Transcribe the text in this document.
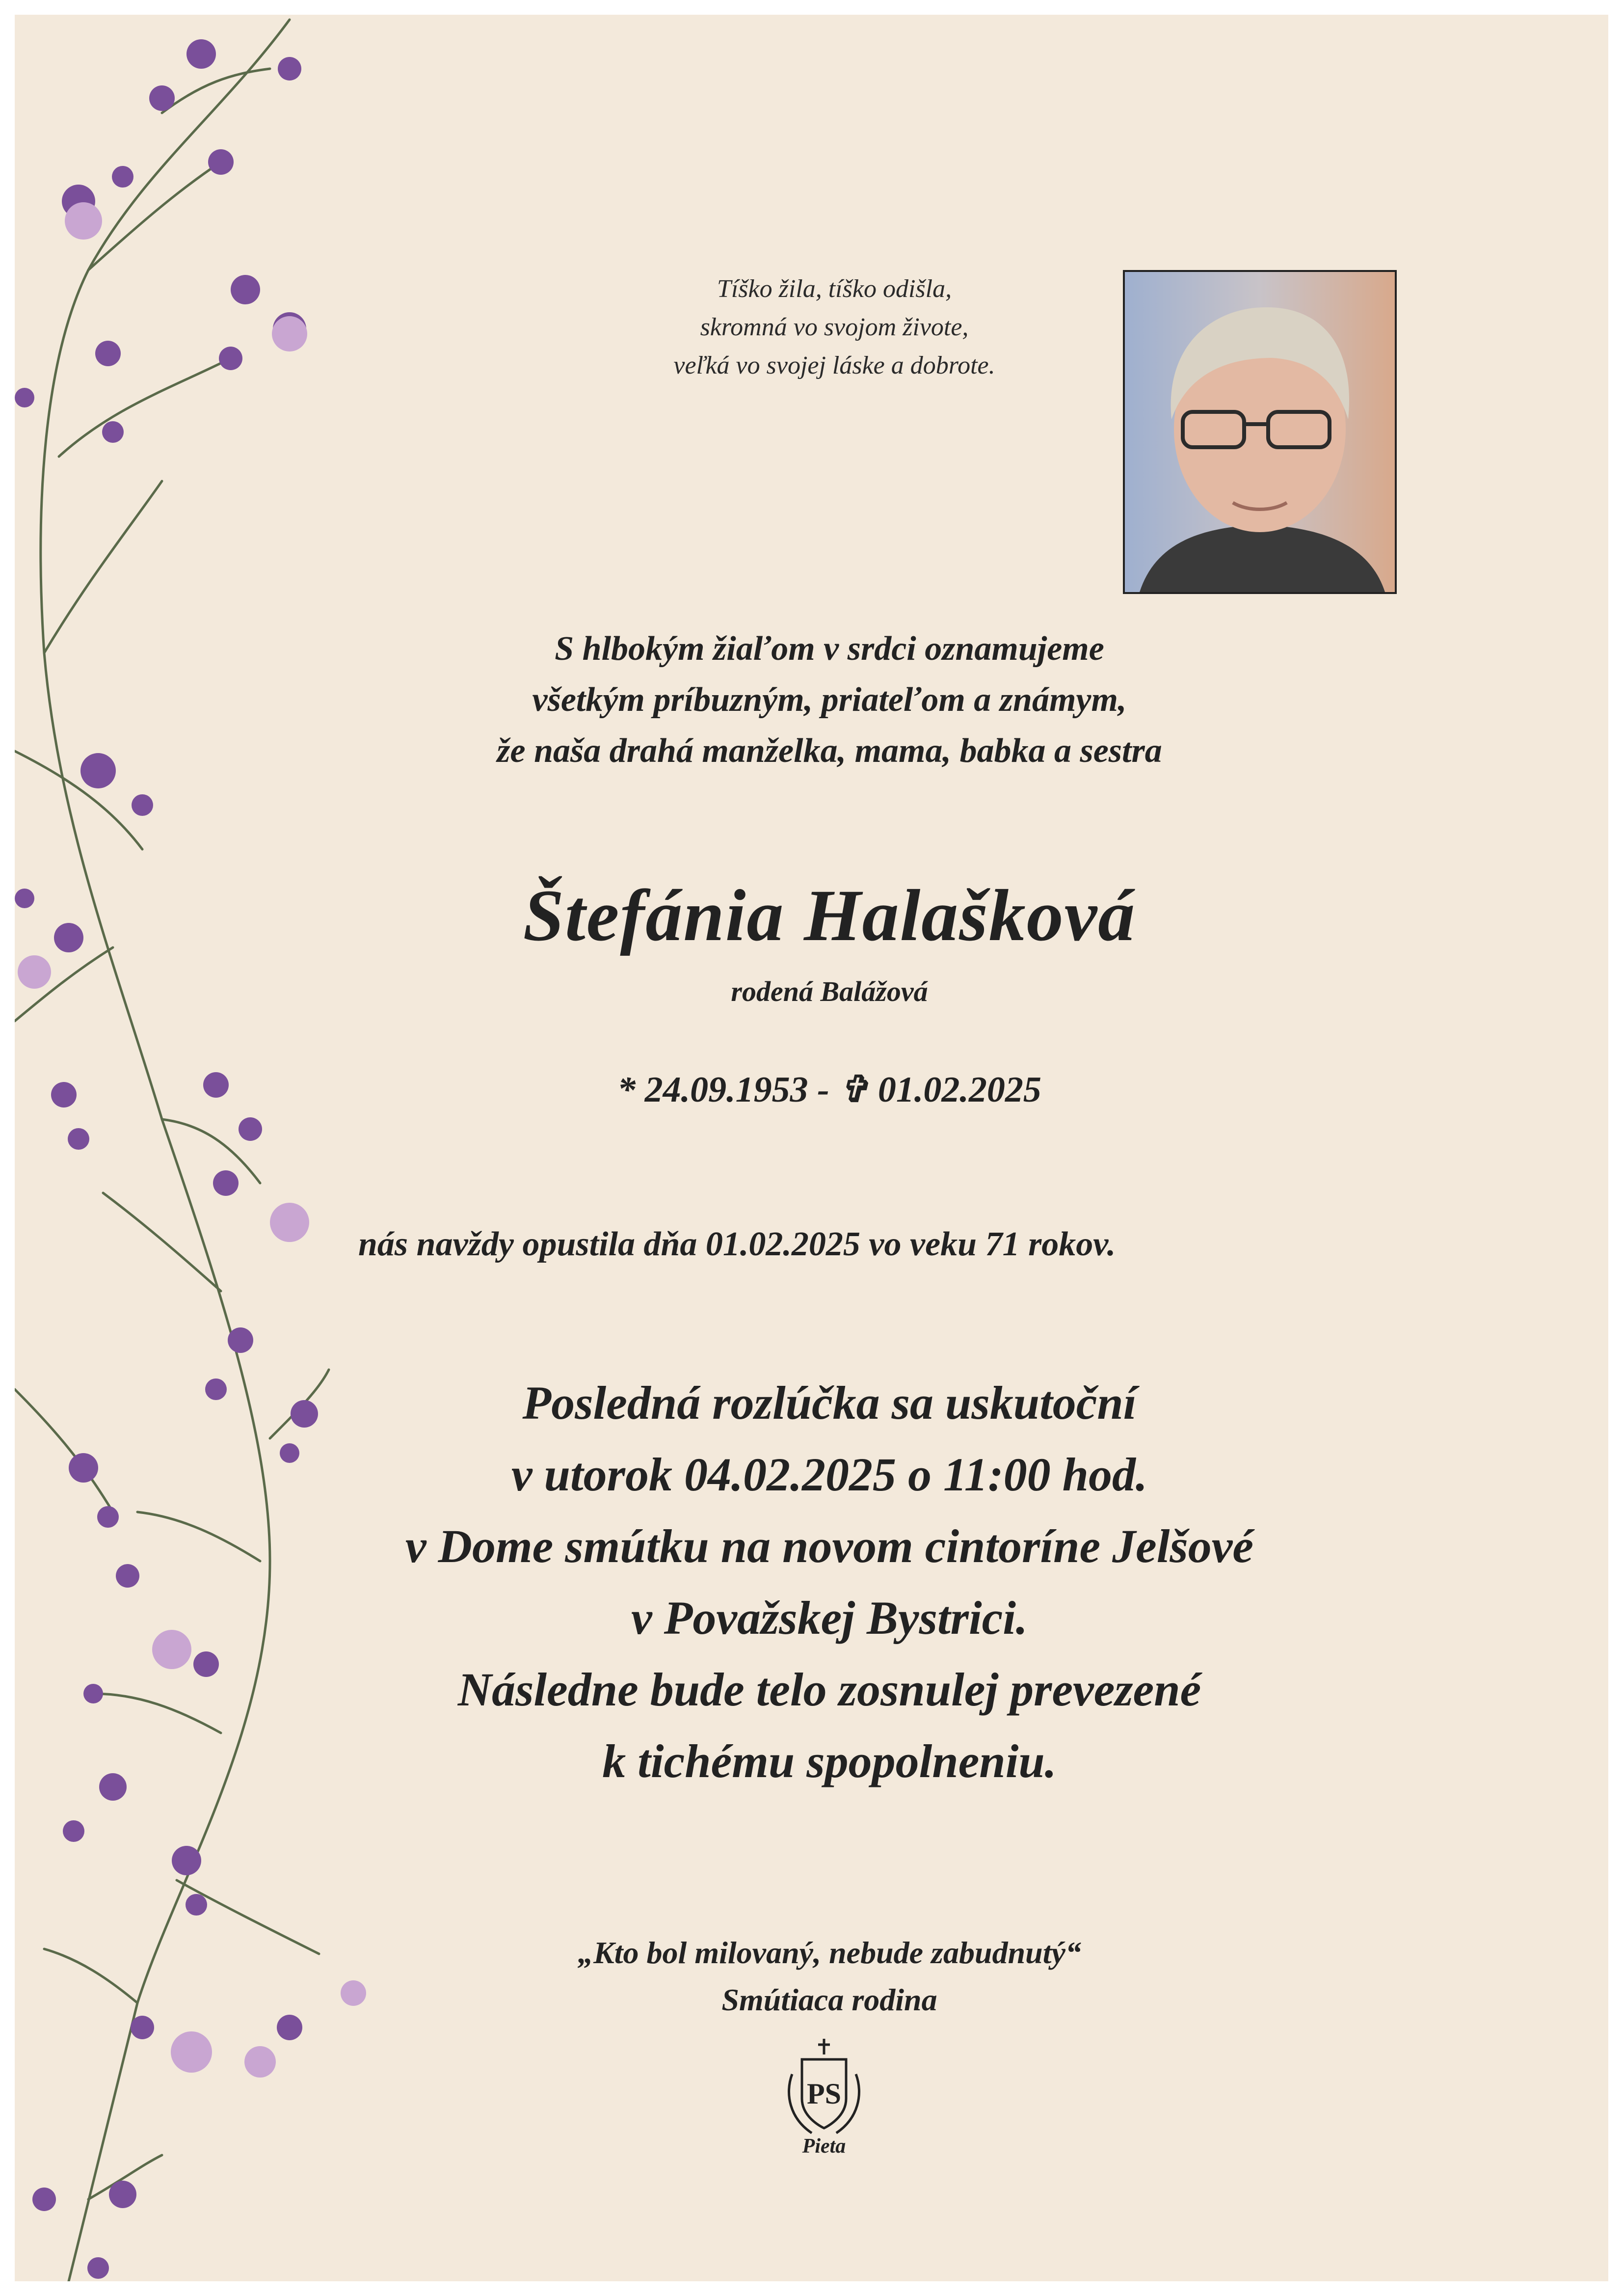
Tíško žila, tíško odišla,
skromná vo svojom živote,
veľká vo svojej láske a dobrote.

S hlbokým žiaľom v srdci oznamujeme
všetkým príbuzným, priateľom a známym,
že naša drahá manželka, mama, babka a sestra

Štefánia Halašková

rodená Balážová

* 24.09.1953 - ✞ 01.02.2025

nás navždy opustila dňa 01.02.2025 vo veku 71 rokov.

Posledná rozlúčka sa uskutoční
v utorok 04.02.2025 o 11:00 hod.
v Dome smútku na novom cintoríne Jelšové
v Považskej Bystrici.
Následne bude telo zosnulej prevezené
k tichému spopolneniu.

„Kto bol milovaný, nebude zabudnutý“
Smútiaca rodina

PS

Pieta
